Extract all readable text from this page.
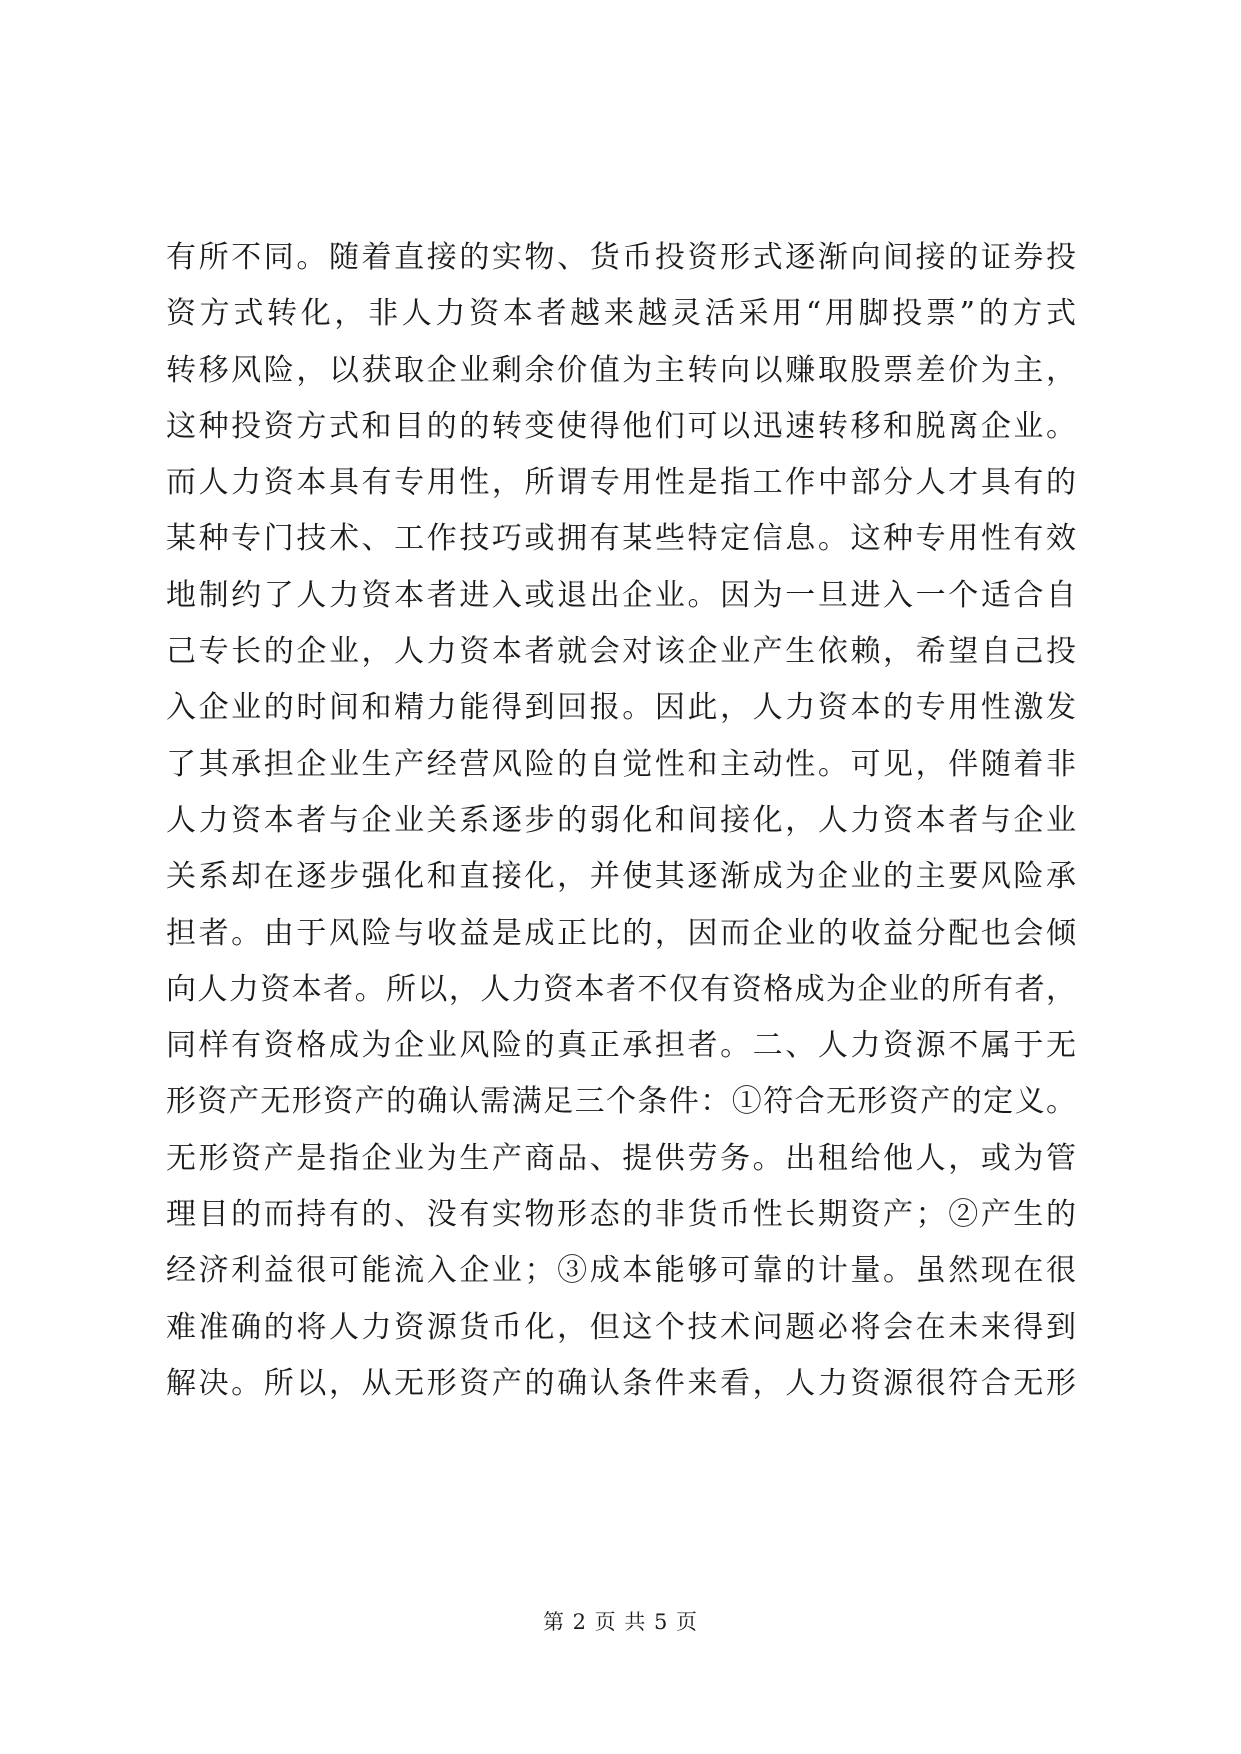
有所不同。随着直接的实物、货币投资形式逐渐向间接的证券投
资方式转化，非人力资本者越来越灵活采用“用脚投票”的方式
转移风险，以获取企业剩余价值为主转向以赚取股票差价为主，
这种投资方式和目的的转变使得他们可以迅速转移和脱离企业。
而人力资本具有专用性，所谓专用性是指工作中部分人才具有的
某种专门技术、工作技巧或拥有某些特定信息。这种专用性有效
地制约了人力资本者进入或退出企业。因为一旦进入一个适合自
己专长的企业，人力资本者就会对该企业产生依赖，希望自己投
入企业的时间和精力能得到回报。因此，人力资本的专用性激发
了其承担企业生产经营风险的自觉性和主动性。可见，伴随着非
人力资本者与企业关系逐步的弱化和间接化，人力资本者与企业
关系却在逐步强化和直接化，并使其逐渐成为企业的主要风险承
担者。由于风险与收益是成正比的，因而企业的收益分配也会倾
向人力资本者。所以，人力资本者不仅有资格成为企业的所有者，
同样有资格成为企业风险的真正承担者。二、人力资源不属于无
形资产无形资产的确认需满足三个条件：①符合无形资产的定义。
无形资产是指企业为生产商品、提供劳务。出租给他人，或为管
理目的而持有的、没有实物形态的非货币性长期资产；②产生的
经济利益很可能流入企业；③成本能够可靠的计量。虽然现在很
难准确的将人力资源货币化，但这个技术问题必将会在未来得到
解决。所以，从无形资产的确认条件来看，人力资源很符合无形
第 2 页 共 5 页
